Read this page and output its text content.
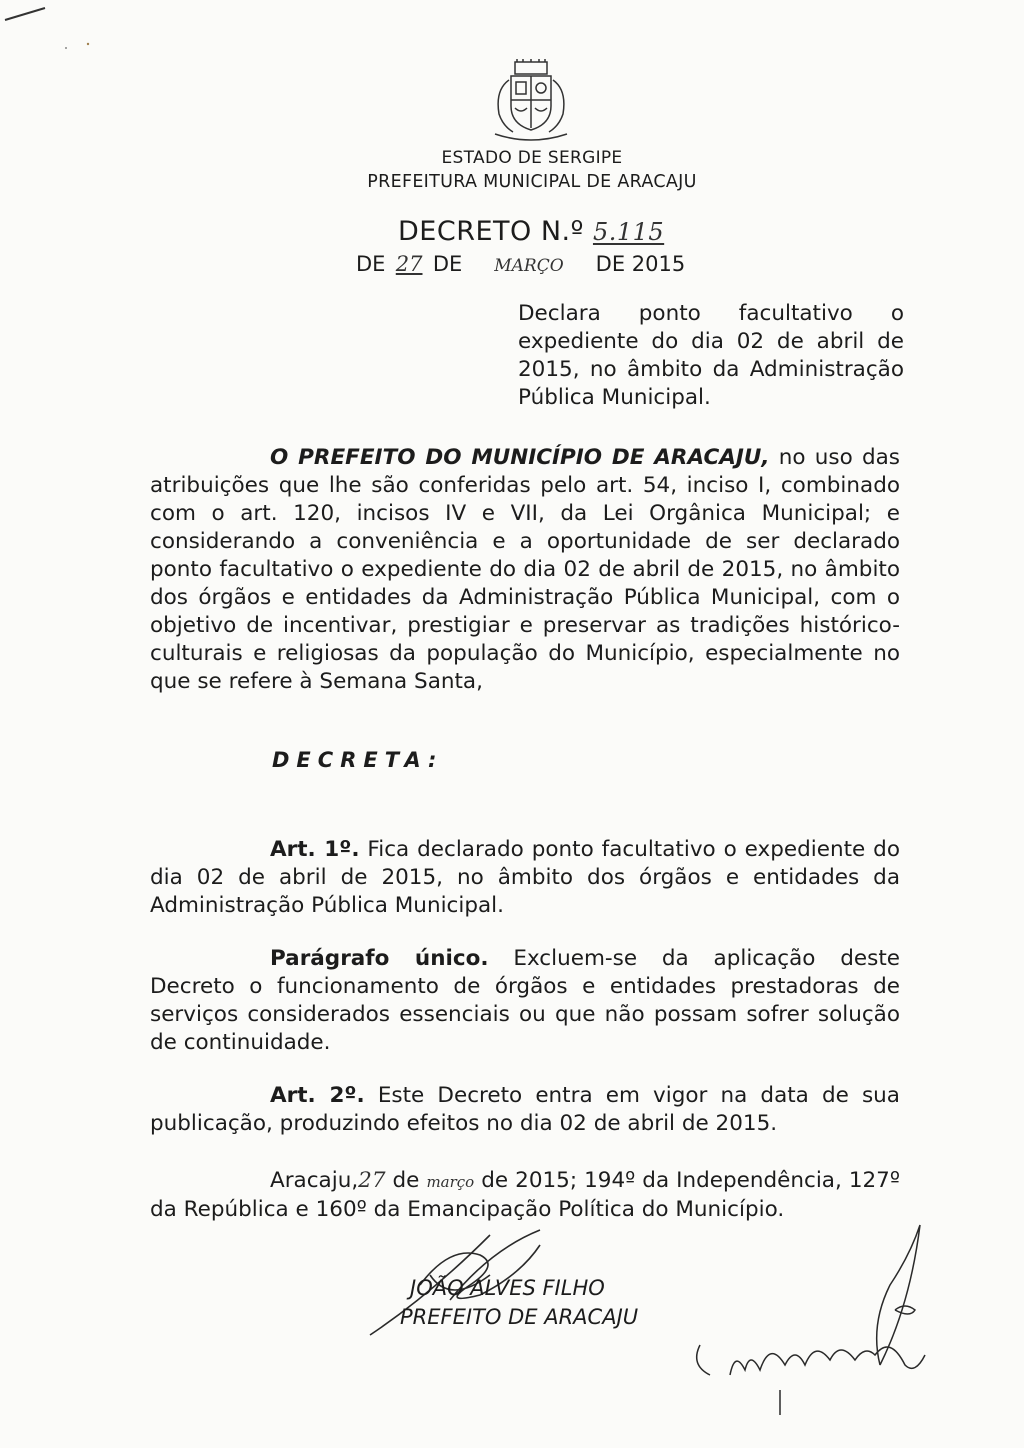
ESTADO DE SERGIPE
PREFEITURA MUNICIPAL DE ARACAJU
DECRETO N.º 5.115
DE 27 DE MARÇO DE 2015
Declara ponto facultativo o expediente do dia 02 de abril de 2015, no âmbito da Administração Pública Municipal.
O PREFEITO DO MUNICÍPIO DE ARACAJU, no uso das atribuições que lhe são conferidas pelo art. 54, inciso I, combinado com o art. 120, incisos IV e VII, da Lei Orgânica Municipal; e considerando a conveniência e a oportunidade de ser declarado ponto facultativo o expediente do dia 02 de abril de 2015, no âmbito dos órgãos e entidades da Administração Pública Municipal, com o objetivo de incentivar, prestigiar e preservar as tradições histórico-culturais e religiosas da população do Município, especialmente no que se refere à Semana Santa,
DECRETA:
Art. 1º. Fica declarado ponto facultativo o expediente do dia 02 de abril de 2015, no âmbito dos órgãos e entidades da Administração Pública Municipal.
Parágrafo único. Excluem-se da aplicação deste Decreto o funcionamento de órgãos e entidades prestadoras de serviços considerados essenciais ou que não possam sofrer solução de continuidade.
Art. 2º. Este Decreto entra em vigor na data de sua publicação, produzindo efeitos no dia 02 de abril de 2015.
Aracaju,27 de março de 2015; 194º da Independência, 127º da República e 160º da Emancipação Política do Município.
JOÃO ALVES FILHO
PREFEITO DE ARACAJU
